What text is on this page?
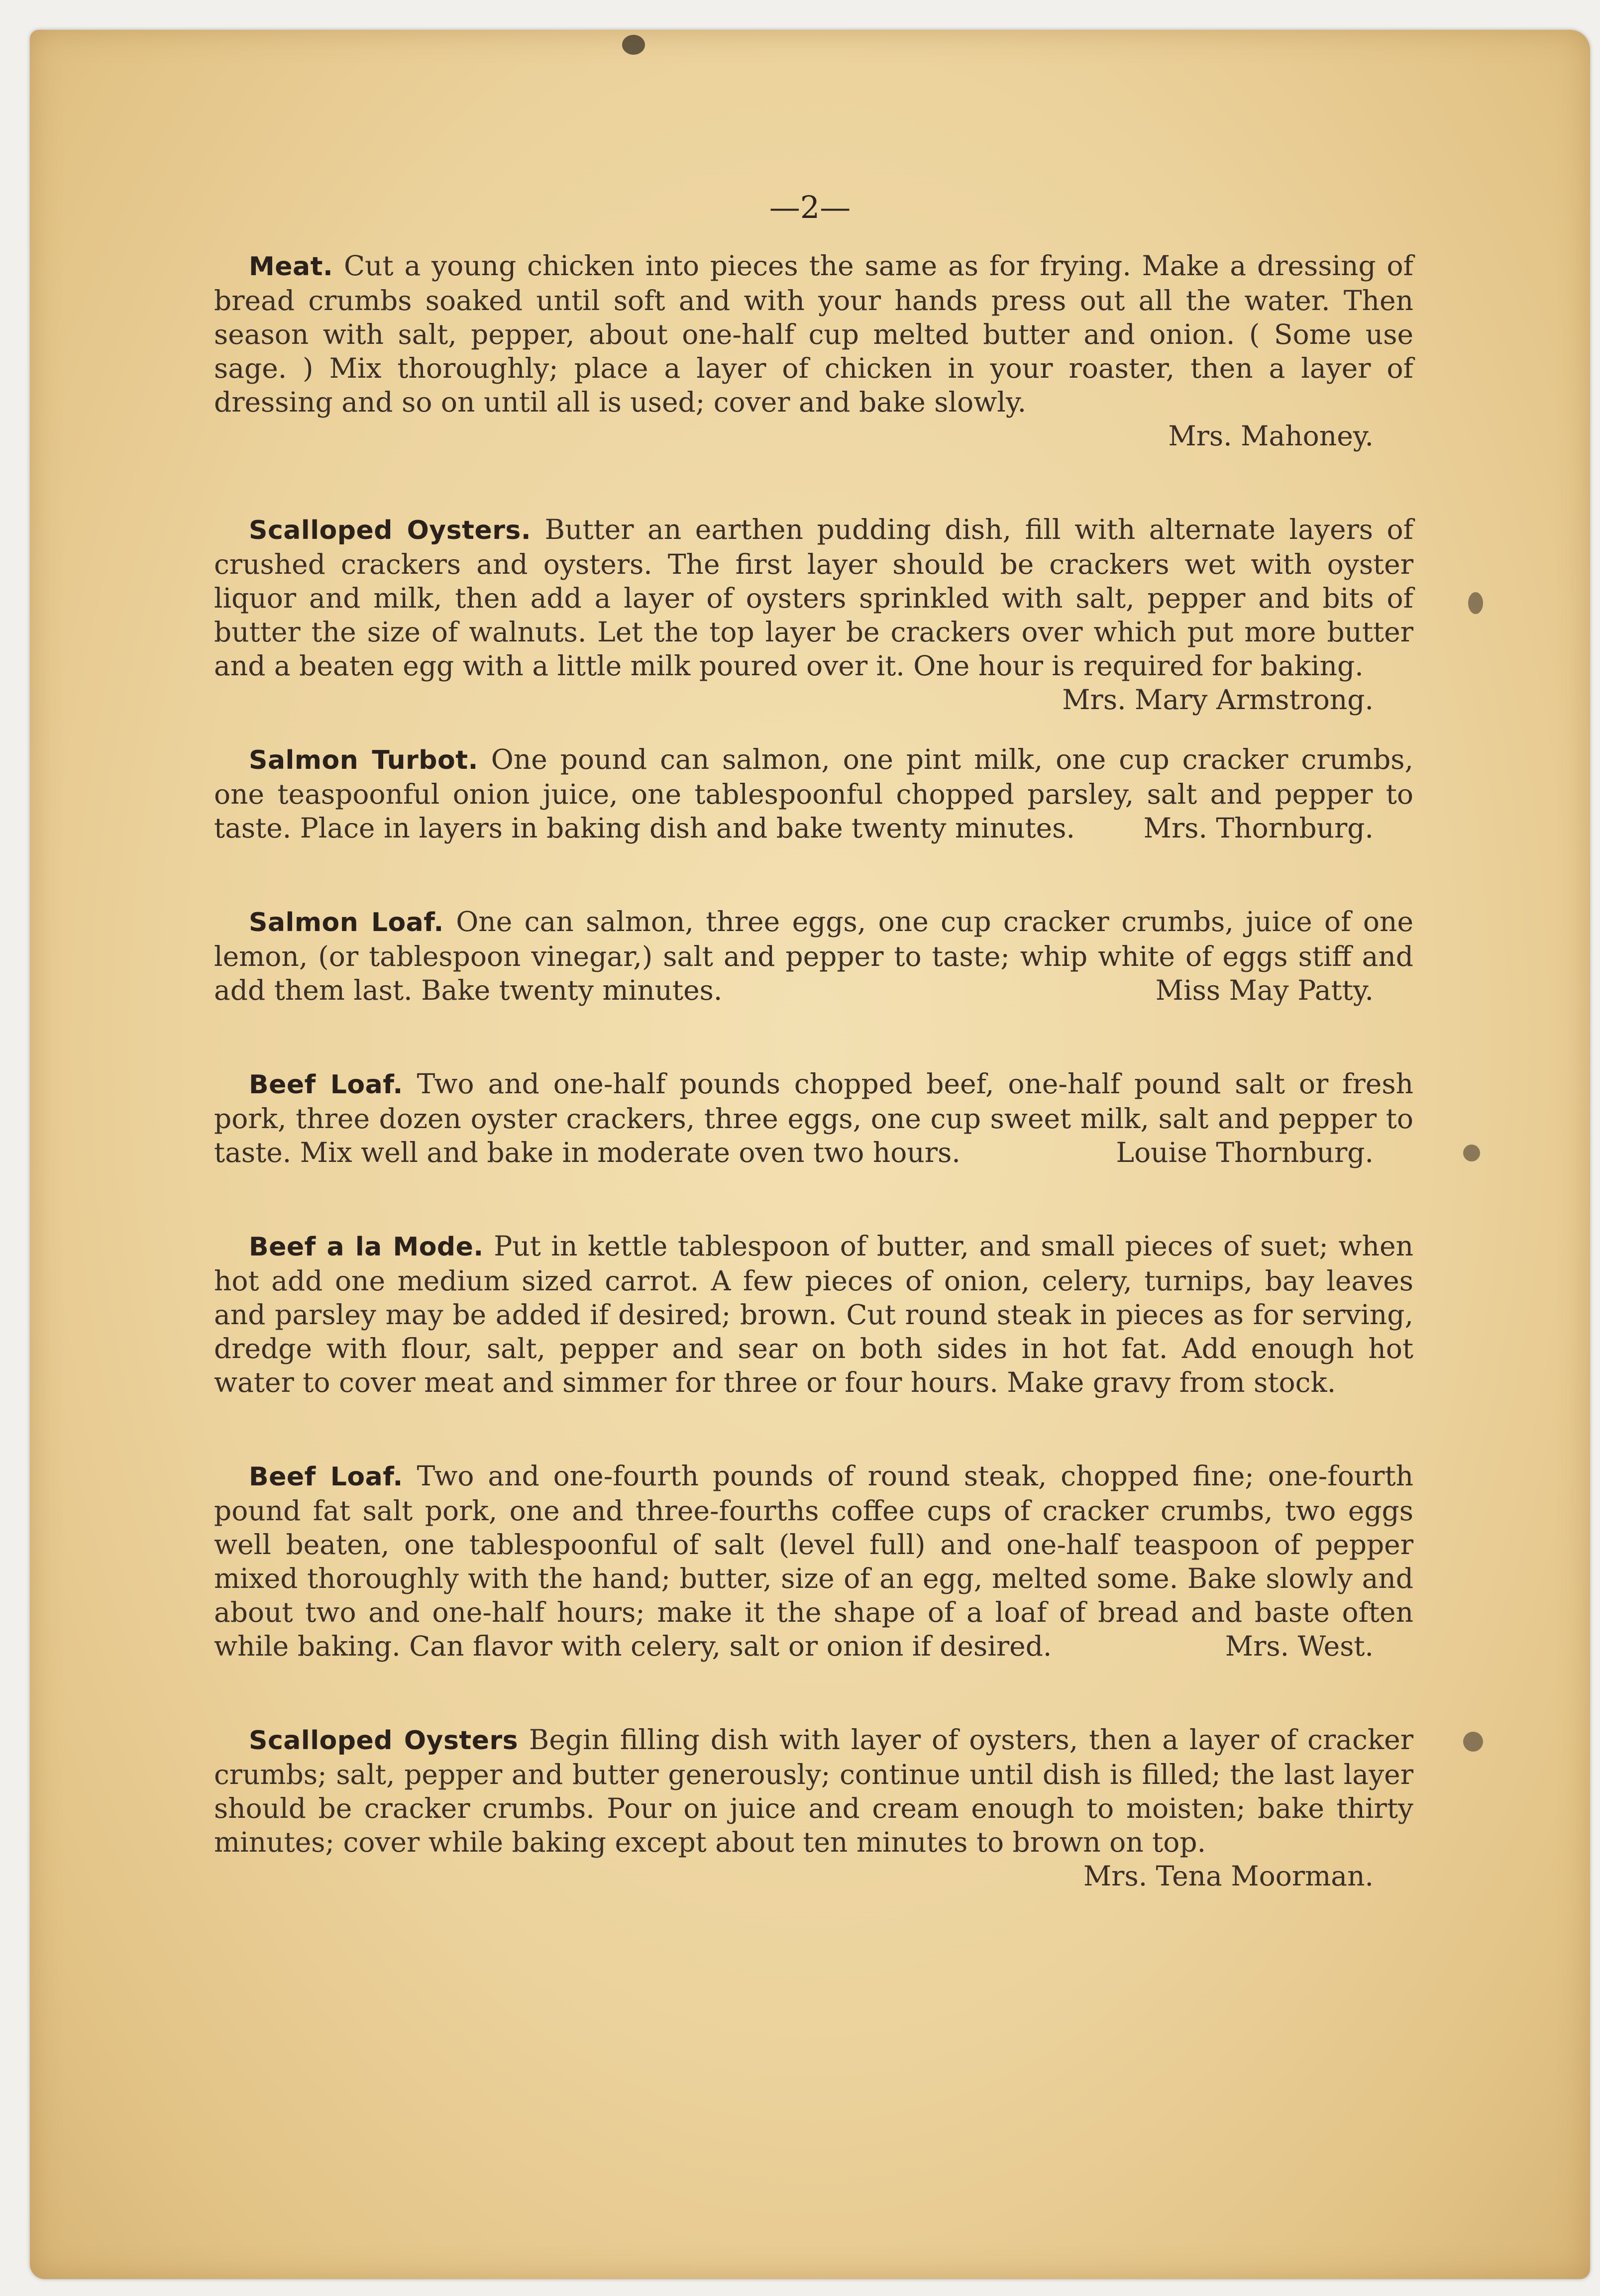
—2—

Meat. Cut a young chicken into pieces the same as for frying. Make a dressing of bread crumbs soaked until soft and with your hands press out all the water. Then season with salt, pepper, about one-half cup melted butter and onion. ( Some use sage. ) Mix thoroughly; place a layer of chicken in your roaster, then a layer of dressing and so on until all is used; cover and bake slowly.

Mrs. Mahoney.

Scalloped Oysters. Butter an earthen pudding dish, fill with alternate layers of crushed crackers and oysters. The first layer should be crackers wet with oyster liquor and milk, then add a layer of oysters sprinkled with salt, pepper and bits of butter the size of walnuts. Let the top layer be crackers over which put more butter and a beaten egg with a little milk poured over it. One hour is required for baking.
Mrs. Mary Armstrong.

Salmon Turbot. One pound can salmon, one pint milk, one cup cracker crumbs, one teaspoonful onion juice, one tablespoonful chopped parsley, salt and pepper to taste. Place in layers in baking dish and bake twenty minutes.	Mrs. Thornburg.

Salmon Loaf. One can salmon, three eggs, one cup cracker crumbs, juice of one lemon, (or tablespoon vinegar,) salt and pepper to taste; whip white of eggs stiff and add them last. Bake twenty minutes.	Miss May Patty.

Beef Loaf. Two and one-half pounds chopped beef, one-half pound salt or fresh pork, three dozen oyster crackers, three eggs, one cup sweet milk, salt and pepper to taste. Mix well and bake in moderate oven two hours.	Louise Thornburg.

Beef a la Mode. Put in kettle tablespoon of butter, and small pieces of suet; when hot add one medium sized carrot. A few pieces of onion, celery, turnips, bay leaves and parsley may be added if desired; brown. Cut round steak in pieces as for serving, dredge with flour, salt, pepper and sear on both sides in hot fat. Add enough hot water to cover meat and simmer for three or four hours. Make gravy from stock.

Beef Loaf. Two and one-fourth pounds of round steak, chopped fine; one-fourth pound fat salt pork, one and three-fourths coffee cups of cracker crumbs, two eggs well beaten, one tablespoonful of salt (level full) and one-half teaspoon of pepper mixed thoroughly with the hand; butter, size of an egg, melted some. Bake slowly and about two and one-half hours; make it the shape of a loaf of bread and baste often while baking. Can flavor with celery, salt or onion if desired.	Mrs. West.

Scalloped Oysters Begin filling dish with layer of oysters, then a layer of cracker crumbs; salt, pepper and butter generously; continue until dish is filled; the last layer should be cracker crumbs. Pour on juice and cream enough to moisten; bake thirty minutes; cover while baking except about ten minutes to brown on top.

Mrs. Tena Moorman.
